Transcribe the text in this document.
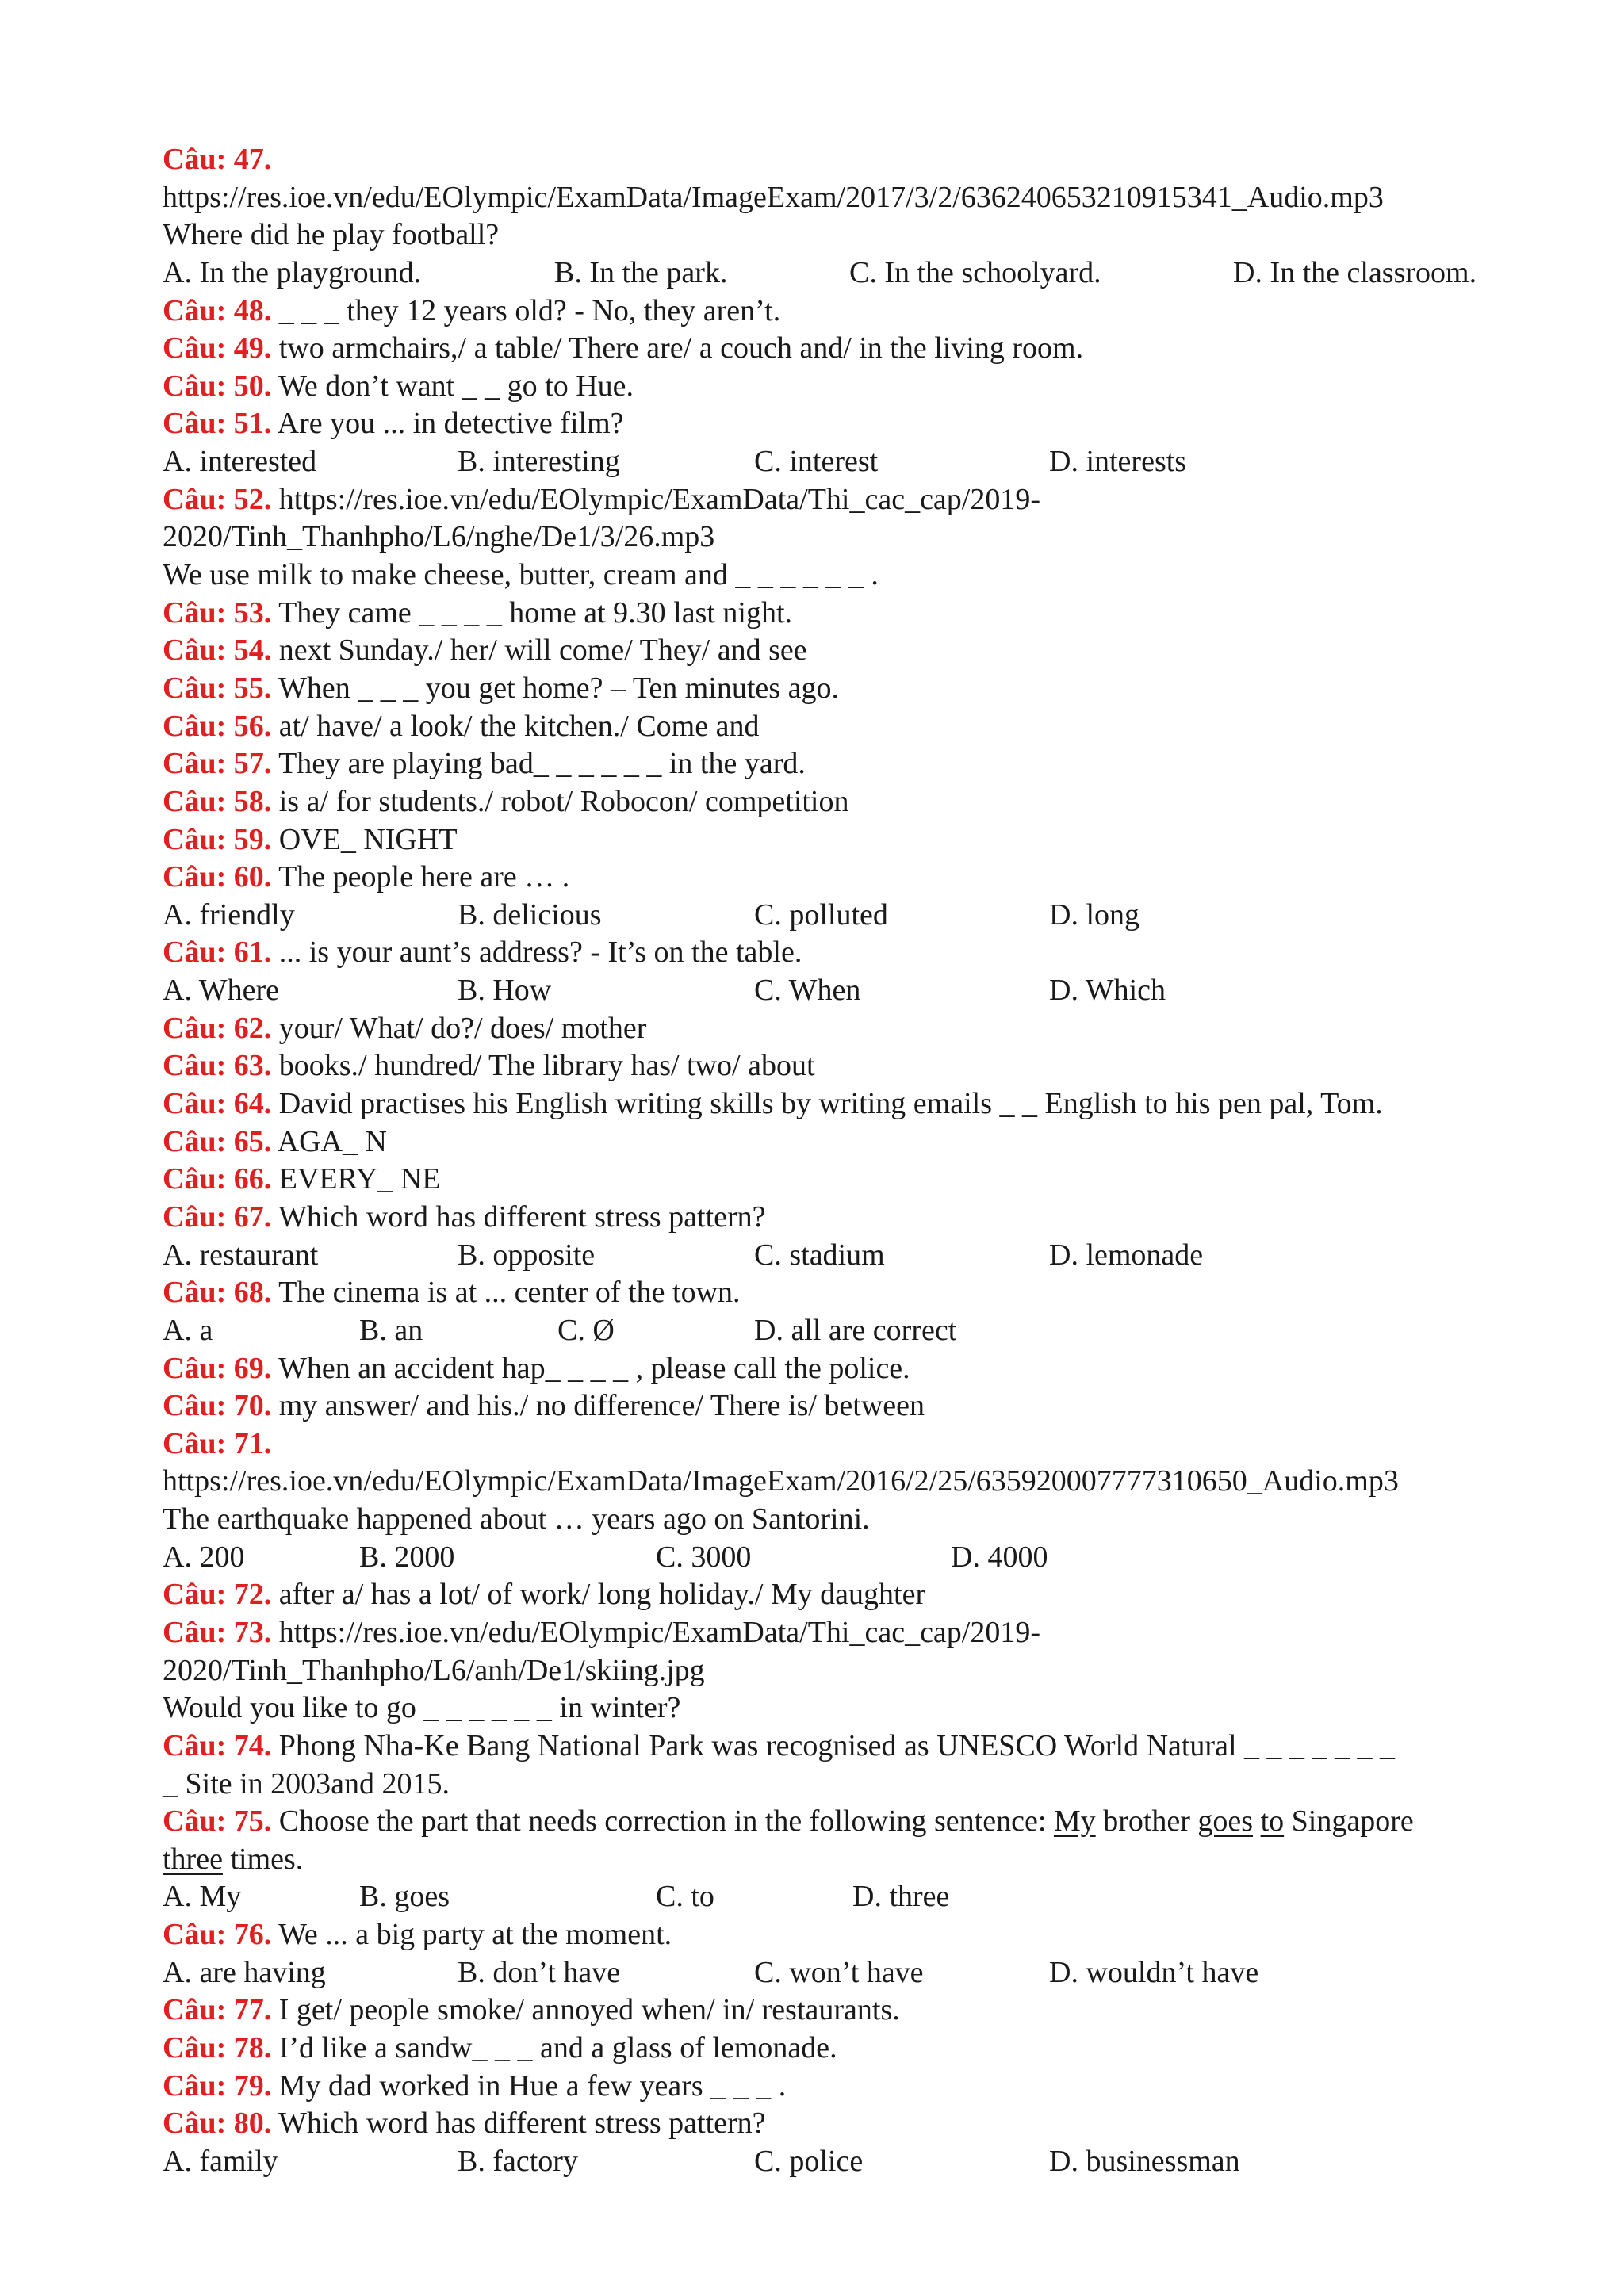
Câu: 47.
https://res.ioe.vn/edu/EOlympic/ExamData/ImageExam/2017/3/2/636240653210915341_Audio.mp3
Where did he play football?
A. In the playground.	B. In the park.	C. In the schoolyard.	D. In the classroom.
Câu: 48. _ _ _ they 12 years old? - No, they aren’t.
Câu: 49. two armchairs,/ a table/ There are/ a couch and/ in the living room.
Câu: 50. We don’t want _ _ go to Hue.
Câu: 51. Are you ... in detective film?
A. interested	B. interesting	C. interest	D. interests
Câu: 52. https://res.ioe.vn/edu/EOlympic/ExamData/Thi_cac_cap/2019-
2020/Tinh_Thanhpho/L6/nghe/De1/3/26.mp3
We use milk to make cheese, butter, cream and _ _ _ _ _ _ .
Câu: 53. They came _ _ _ _ home at 9.30 last night.
Câu: 54. next Sunday./ her/ will come/ They/ and see
Câu: 55. When _ _ _ you get home? – Ten minutes ago.
Câu: 56. at/ have/ a look/ the kitchen./ Come and
Câu: 57. They are playing bad_ _ _ _ _ _ in the yard.
Câu: 58. is a/ for students./ robot/ Robocon/ competition
Câu: 59. OVE_ NIGHT
Câu: 60. The people here are … .
A. friendly	B. delicious	C. polluted	D. long
Câu: 61. ... is your aunt’s address? - It’s on the table.
A. Where	B. How	C. When	D. Which
Câu: 62. your/ What/ do?/ does/ mother
Câu: 63. books./ hundred/ The library has/ two/ about
Câu: 64. David practises his English writing skills by writing emails _ _ English to his pen pal, Tom.
Câu: 65. AGA_ N
Câu: 66. EVERY_ NE
Câu: 67. Which word has different stress pattern?
A. restaurant	B. opposite	C. stadium	D. lemonade
Câu: 68. The cinema is at ... center of the town.
A. a	B. an	C. Ø	D. all are correct
Câu: 69. When an accident hap_ _ _ _ , please call the police.
Câu: 70. my answer/ and his./ no difference/ There is/ between
Câu: 71.
https://res.ioe.vn/edu/EOlympic/ExamData/ImageExam/2016/2/25/635920007777310650_Audio.mp3
The earthquake happened about … years ago on Santorini.
A. 200	B. 2000	C. 3000	D. 4000
Câu: 72. after a/ has a lot/ of work/ long holiday./ My daughter
Câu: 73. https://res.ioe.vn/edu/EOlympic/ExamData/Thi_cac_cap/2019-
2020/Tinh_Thanhpho/L6/anh/De1/skiing.jpg
Would you like to go _ _ _ _ _ _ in winter?
Câu: 74. Phong Nha-Ke Bang National Park was recognised as UNESCO World Natural _ _ _ _ _ _ _
_ Site in 2003and 2015.
Câu: 75. Choose the part that needs correction in the following sentence: My brother goes to Singapore
three times.
A. My	B. goes	C. to	D. three
Câu: 76. We ... a big party at the moment.
A. are having	B. don’t have	C. won’t have	D. wouldn’t have
Câu: 77. I get/ people smoke/ annoyed when/ in/ restaurants.
Câu: 78. I’d like a sandw_ _ _ and a glass of lemonade.
Câu: 79. My dad worked in Hue a few years _ _ _ .
Câu: 80. Which word has different stress pattern?
A. family	B. factory	C. police	D. businessman
